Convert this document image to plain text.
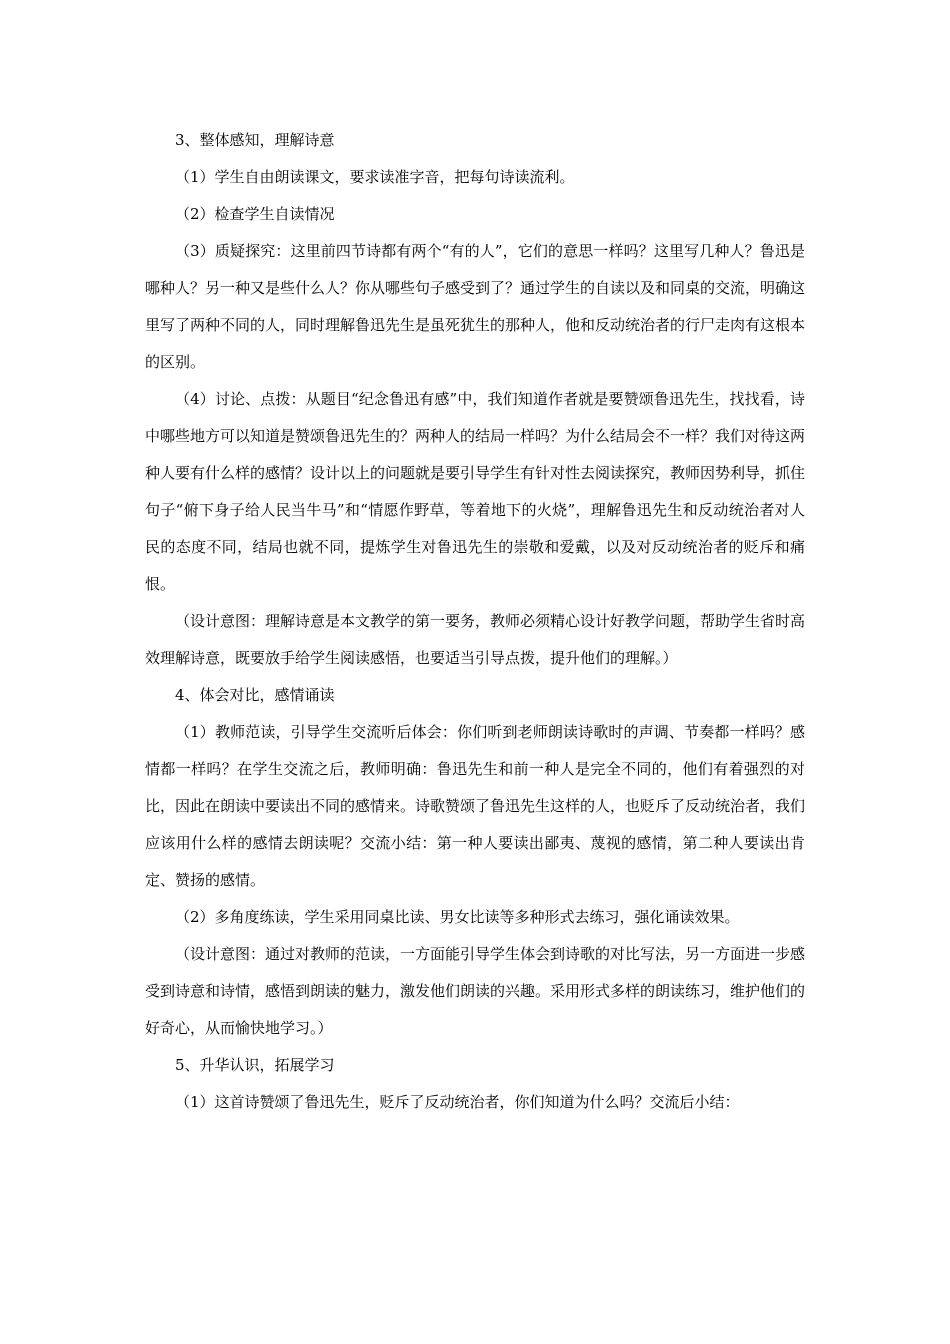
3、整体感知，理解诗意

（1）学生自由朗读课文，要求读准字音，把每句诗读流利。

（2）检查学生自读情况

（3）质疑探究：这里前四节诗都有两个“有的人”，它们的意思一样吗？这里写几种人？鲁迅是哪种人？另一种又是些什么人？你从哪些句子感受到了？通过学生的自读以及和同桌的交流，明确这里写了两种不同的人，同时理解鲁迅先生是虽死犹生的那种人，他和反动统治者的行尸走肉有这根本的区别。

（4）讨论、点拨：从题目“纪念鲁迅有感”中，我们知道作者就是要赞颂鲁迅先生，找找看，诗中哪些地方可以知道是赞颂鲁迅先生的？两种人的结局一样吗？为什么结局会不一样？我们对待这两种人要有什么样的感情？设计以上的问题就是要引导学生有针对性去阅读探究，教师因势利导，抓住句子“俯下身子给人民当牛马”和“情愿作野草，等着地下的火烧”，理解鲁迅先生和反动统治者对人民的态度不同，结局也就不同，提炼学生对鲁迅先生的崇敬和爱戴，以及对反动统治者的贬斥和痛恨。

（设计意图：理解诗意是本文教学的第一要务，教师必须精心设计好教学问题，帮助学生省时高效理解诗意，既要放手给学生阅读感悟，也要适当引导点拨，提升他们的理解。）

4、体会对比，感情诵读

（1）教师范读，引导学生交流听后体会：你们听到老师朗读诗歌时的声调、节奏都一样吗？感情都一样吗？在学生交流之后，教师明确：鲁迅先生和前一种人是完全不同的，他们有着强烈的对比，因此在朗读中要读出不同的感情来。诗歌赞颂了鲁迅先生这样的人，也贬斥了反动统治者，我们应该用什么样的感情去朗读呢？交流小结：第一种人要读出鄙夷、蔑视的感情，第二种人要读出肯定、赞扬的感情。

（2）多角度练读，学生采用同桌比读、男女比读等多种形式去练习，强化诵读效果。

（设计意图：通过对教师的范读，一方面能引导学生体会到诗歌的对比写法，另一方面进一步感受到诗意和诗情，感悟到朗读的魅力，激发他们朗读的兴趣。采用形式多样的朗读练习，维护他们的好奇心，从而愉快地学习。）

5、升华认识，拓展学习

（1）这首诗赞颂了鲁迅先生，贬斥了反动统治者，你们知道为什么吗？交流后小结：
